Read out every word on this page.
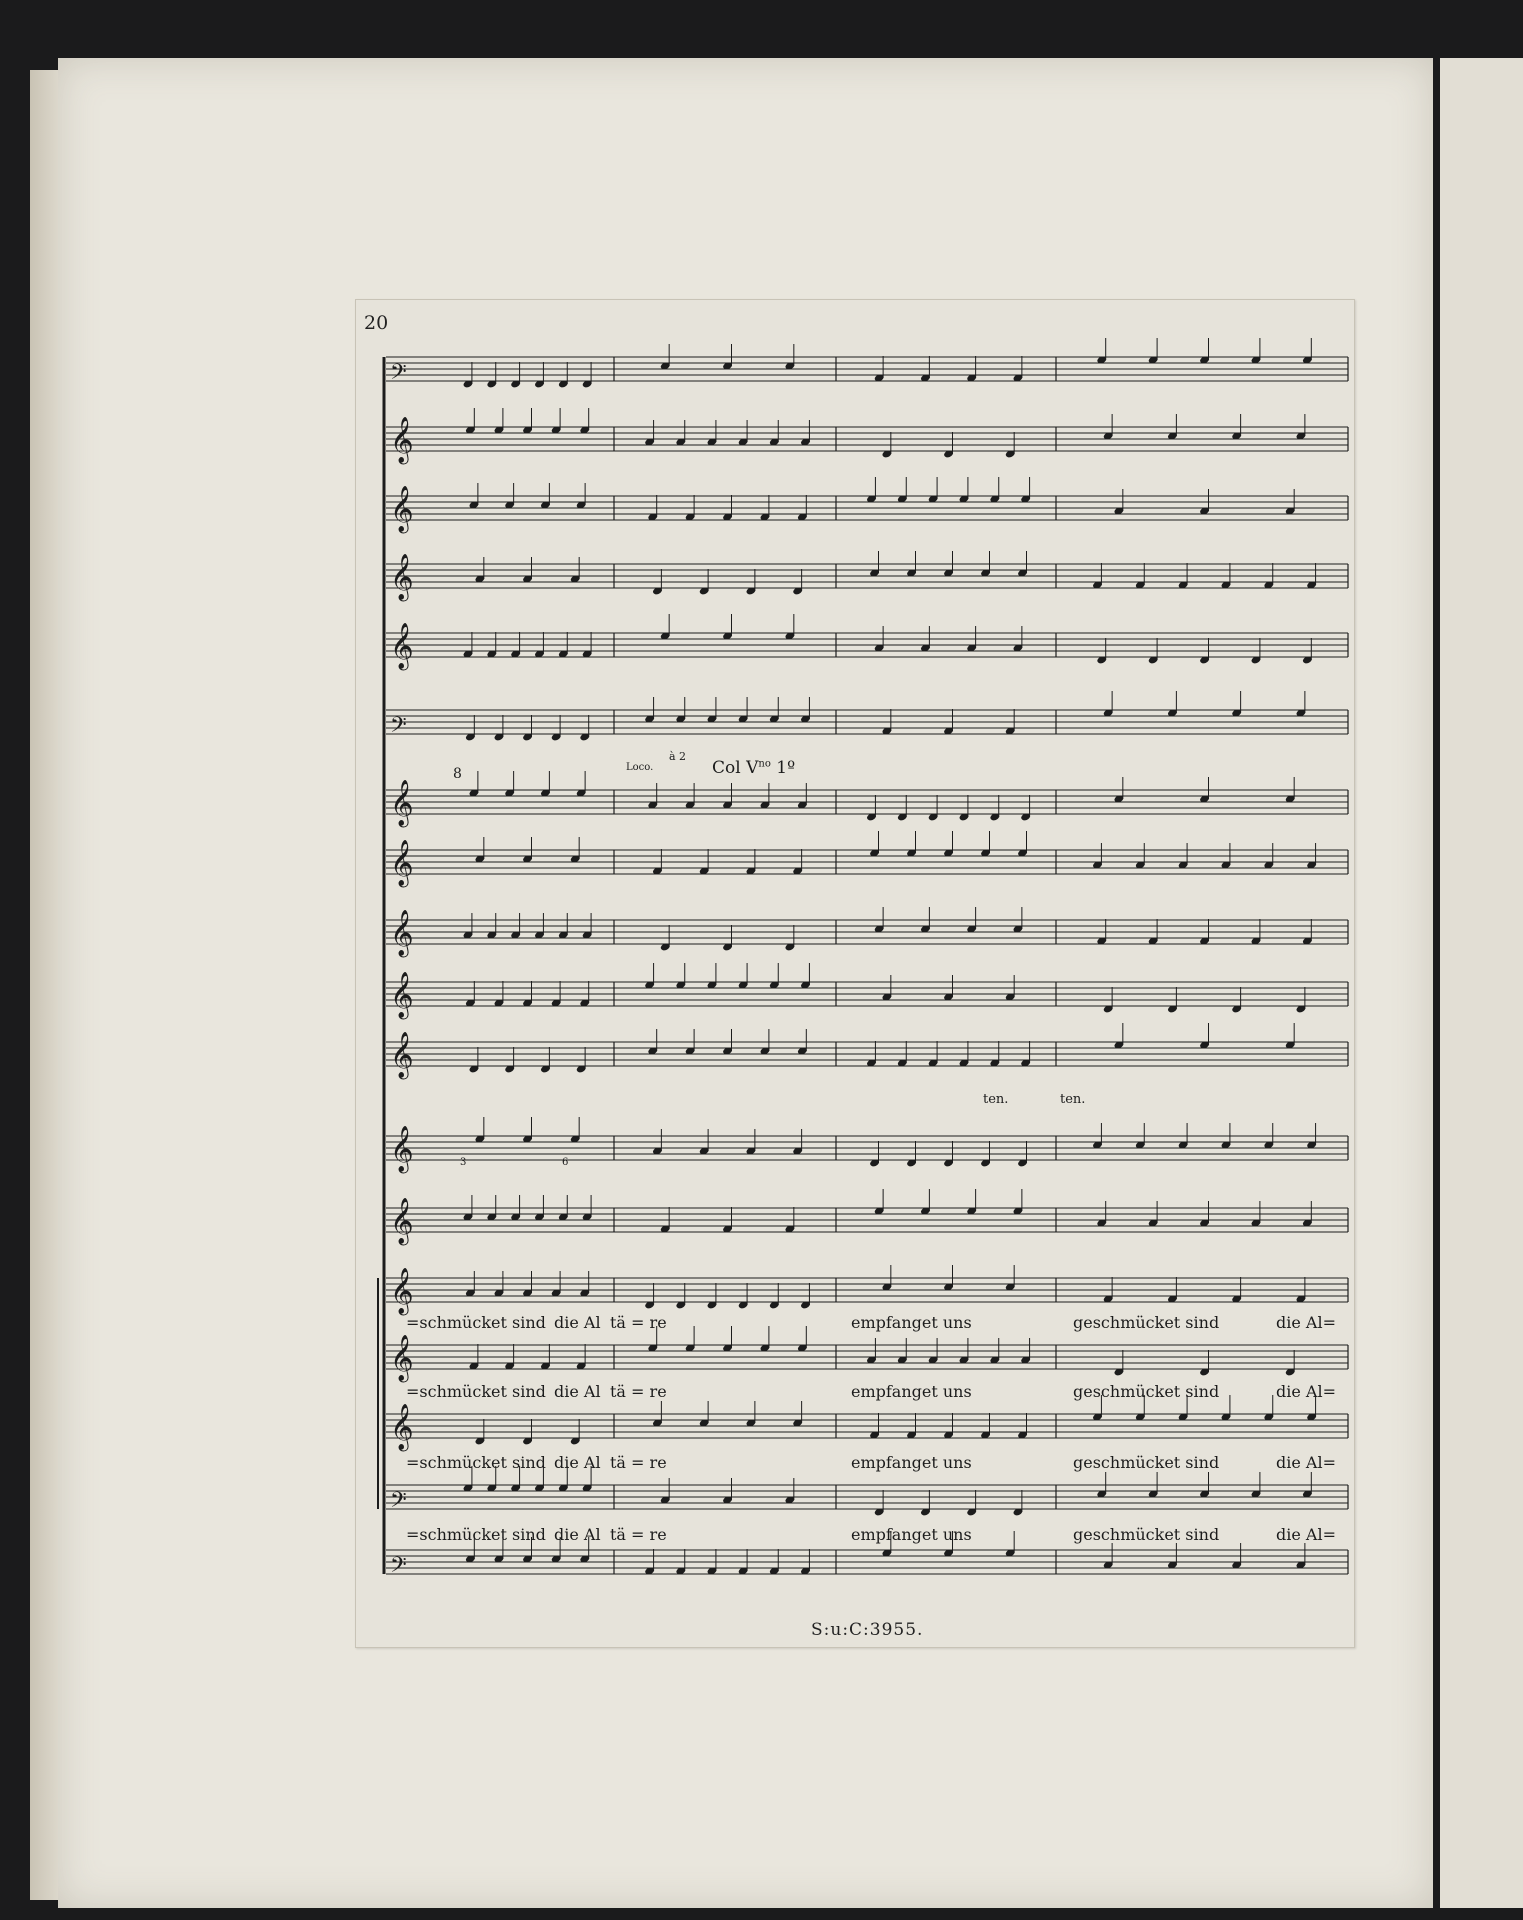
20
𝄢
𝄞
𝄞
𝄞
𝄞
𝄢
𝄞
𝄞
𝄞
𝄞
𝄞
𝄞
𝄞
𝄞
𝄞
𝄞
𝄢
𝄢
Loco.
à 2
Col $V^{no}$ 1º
8
ten.	ten.
3	6
=schmücket sind die Al tä = re	empfanget uns	geschmücket sind	die Al=
=schmücket sind die Al tä = re	empfanget uns	geschmücket sind	die Al=
=schmücket sind die Al tä = re	empfanget uns	geschmücket sind	die Al=
=schmücket sind die Al tä = re	empfanget uns	geschmücket sind	die Al=
S:u:C:3955.
